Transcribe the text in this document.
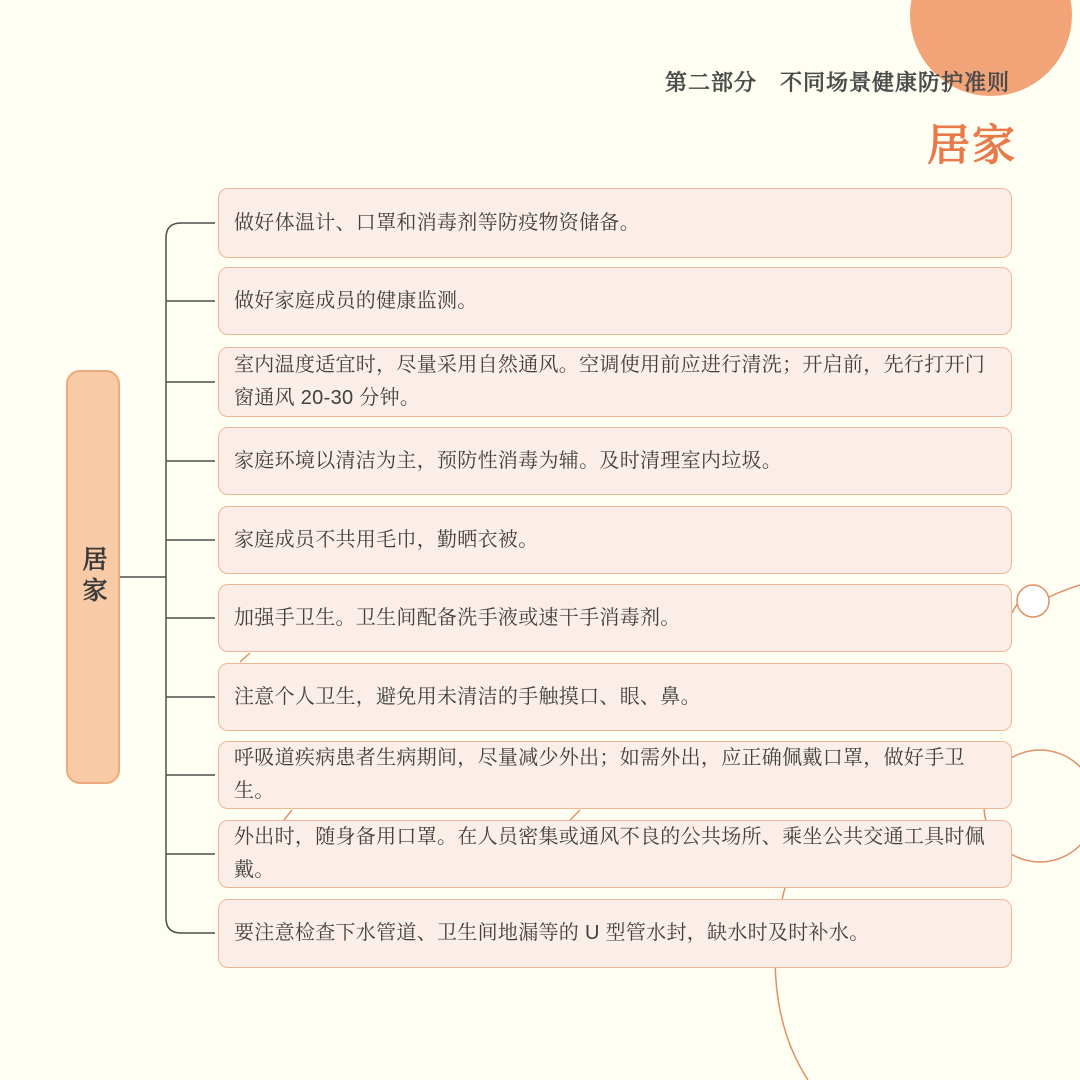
第二部分　不同场景健康防护准则
居家
居家
做好体温计、口罩和消毒剂等防疫物资储备。
做好家庭成员的健康监测。
室内温度适宜时，尽量采用自然通风。空调使用前应进行清洗；开启前，先行打开门窗通风 20-30 分钟。
家庭环境以清洁为主，预防性消毒为辅。及时清理室内垃圾。
家庭成员不共用毛巾，勤晒衣被。
加强手卫生。卫生间配备洗手液或速干手消毒剂。
注意个人卫生，避免用未清洁的手触摸口、眼、鼻。
呼吸道疾病患者生病期间，尽量减少外出；如需外出，应正确佩戴口罩，做好手卫生。
外出时，随身备用口罩。在人员密集或通风不良的公共场所、乘坐公共交通工具时佩戴。
要注意检查下水管道、卫生间地漏等的 U 型管水封，缺水时及时补水。
